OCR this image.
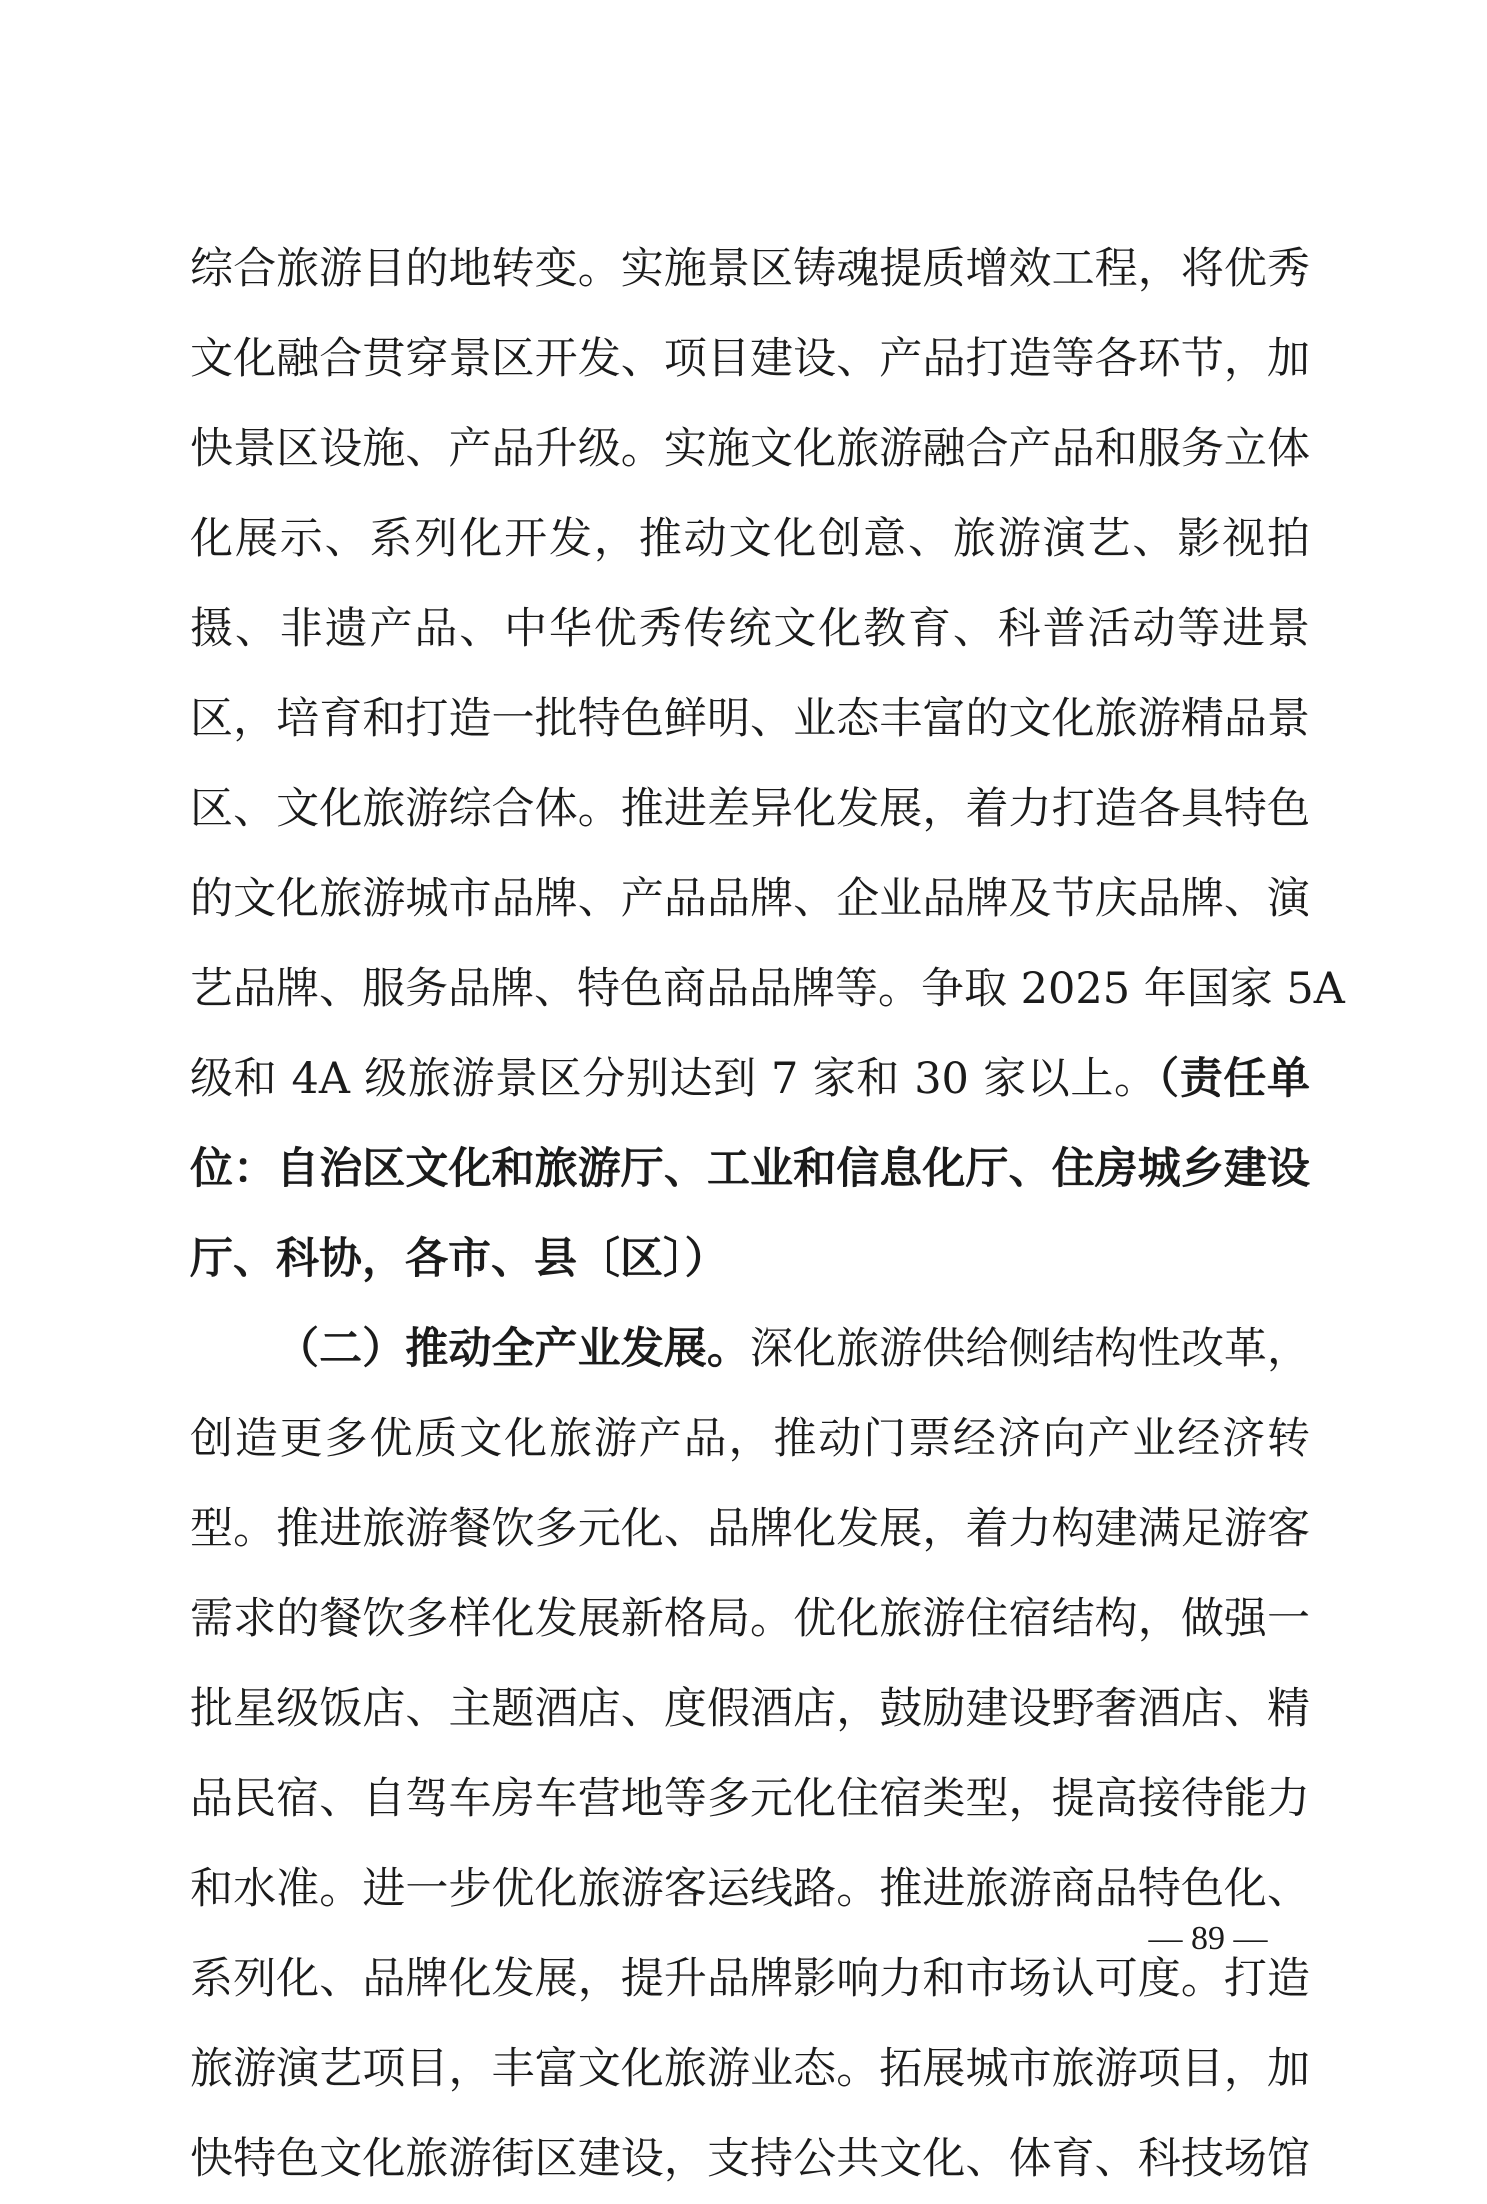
综合旅游目的地转变。实施景区铸魂提质增效工程，将优秀
文化融合贯穿景区开发、项目建设、产品打造等各环节，加
快景区设施、产品升级。实施文化旅游融合产品和服务立体
化展示、系列化开发，推动文化创意、旅游演艺、影视拍
摄、非遗产品、中华优秀传统文化教育、科普活动等进景
区，培育和打造一批特色鲜明、业态丰富的文化旅游精品景
区、文化旅游综合体。推进差异化发展，着力打造各具特色
的文化旅游城市品牌、产品品牌、企业品牌及节庆品牌、演
艺品牌、服务品牌、特色商品品牌等。争取 2025 年国家 5A
级和 4A 级旅游景区分别达到 7 家和 30 家以上。（责任单
位：自治区文化和旅游厅、工业和信息化厅、住房城乡建设
厅、科协，各市、县〔区〕）
（二）推动全产业发展。深化旅游供给侧结构性改革，
创造更多优质文化旅游产品，推动门票经济向产业经济转
型。推进旅游餐饮多元化、品牌化发展，着力构建满足游客
需求的餐饮多样化发展新格局。优化旅游住宿结构，做强一
批星级饭店、主题酒店、度假酒店，鼓励建设野奢酒店、精
品民宿、自驾车房车营地等多元化住宿类型，提高接待能力
和水准。进一步优化旅游客运线路。推进旅游商品特色化、
系列化、品牌化发展，提升品牌影响力和市场认可度。打造
旅游演艺项目，丰富文化旅游业态。拓展城市旅游项目，加
快特色文化旅游街区建设，支持公共文化、体育、科技场馆
— 89 —
